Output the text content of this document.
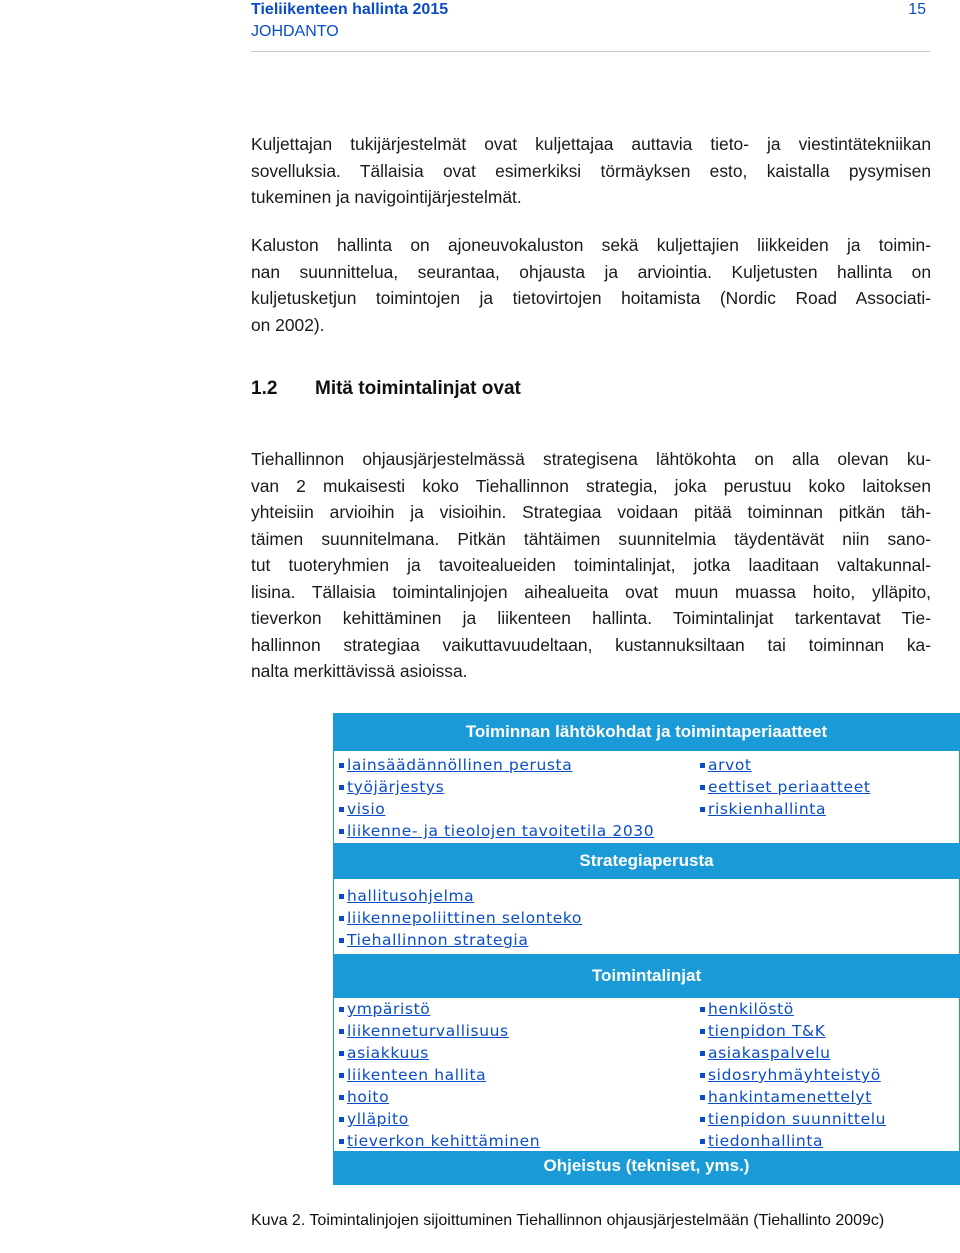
Tieliikenteen hallinta 2015
JOHDANTO
15
Kuljettajan tukijärjestelmät ovat kuljettajaa auttavia tieto- ja viestintätekniikan
sovelluksia. Tällaisia ovat esimerkiksi törmäyksen esto, kaistalla pysymisen
tukeminen ja navigointijärjestelmät.
Kaluston hallinta on ajoneuvokaluston sekä kuljettajien liikkeiden ja toimin-
nan suunnittelua, seurantaa, ohjausta ja arviointia. Kuljetusten hallinta on
kuljetusketjun toimintojen ja tietovirtojen hoitamista (Nordic Road Associati-
on 2002).
1.2 Mitä toimintalinjat ovat
Tiehallinnon ohjausjärjestelmässä strategisena lähtökohta on alla olevan ku-
van 2 mukaisesti koko Tiehallinnon strategia, joka perustuu koko laitoksen
yhteisiin arvioihin ja visioihin. Strategiaa voidaan pitää toiminnan pitkän täh-
täimen suunnitelmana. Pitkän tähtäimen suunnitelmia täydentävät niin sano-
tut tuoteryhmien ja tavoitealueiden toimintalinjat, jotka laaditaan valtakunnal-
lisina. Tällaisia toimintalinjojen aihealueita ovat muun muassa hoito, ylläpito,
tieverkon kehittäminen ja liikenteen hallinta. Toimintalinjat tarkentavat Tie-
hallinnon strategiaa vaikuttavuudeltaan, kustannuksiltaan tai toiminnan ka-
nalta merkittävissä asioissa.
Toiminnan lähtökohdat ja toimintaperiaatteet
lainsäädännöllinen perusta
työjärjestys
visio
liikenne- ja tieolojen tavoitetila 2030
arvot
eettiset periaatteet
riskienhallinta
Strategiaperusta
hallitusohjelma
liikennepoliittinen selonteko
Tiehallinnon strategia
Toimintalinjat
ympäristö
liikenneturvallisuus
asiakkuus
liikenteen hallita
hoito
ylläpito
tieverkon kehittäminen
henkilöstö
tienpidon T&K
asiakaspalvelu
sidosryhmäyhteistyö
hankintamenettelyt
tienpidon suunnittelu
tiedonhallinta
Ohjeistus (tekniset, yms.)
Kuva 2. Toimintalinjojen sijoittuminen Tiehallinnon ohjausjärjestelmään (Tiehallinto 2009c)
